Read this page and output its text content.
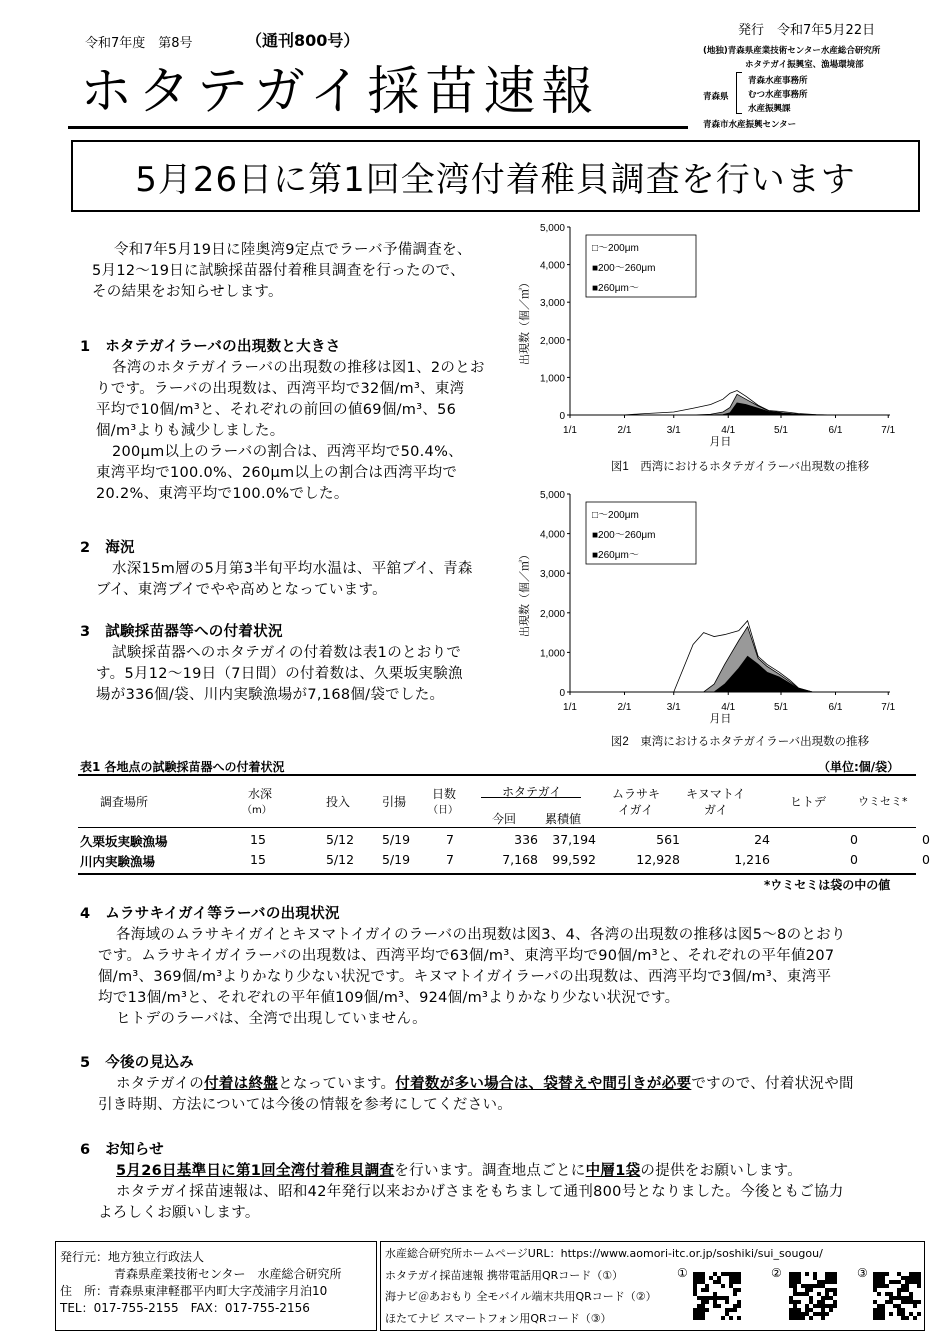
令和7年度　第8号	（通刊800号）
発行　令和7年5月22日
ホタテガイ採苗速報
(地独)青森県産業技術センター水産総合研究所
ホタテガイ振興室、漁場環境部
青森県
青森水産事務所
むつ水産事務所
水産振興課
青森市水産振興センター
5月26日に第1回全湾付着稚貝調査を行います
令和7年5月19日に陸奥湾9定点でラーバ予備調査を、
5月12〜19日に試験採苗器付着稚貝調査を行ったので、
その結果をお知らせします。
1　ホタテガイラーバの出現数と大きさ
各湾のホタテガイラーバの出現数の推移は図1、2のとお
りです。ラーバの出現数は、西湾平均で32個/m³、東湾
平均で10個/m³と、それぞれの前回の値69個/m³、56
個/m³よりも減少しました。
200μm以上のラーバの割合は、西湾平均で50.4%、
東湾平均で100.0%、260μm以上の割合は西湾平均で
20.2%、東湾平均で100.0%でした。
2　海況
水深15m層の5月第3半旬平均水温は、平舘ブイ、青森
ブイ、東湾ブイでやや高めとなっています。
3　試験採苗器等への付着状況
試験採苗器へのホタテガイの付着数は表1のとおりで
す。5月12〜19日（7日間）の付着数は、久栗坂実験漁
場が336個/袋、川内実験漁場が7,168個/袋でした。
5,000
4,000
3,000
2,000
1,000
0
1/1	2/1	3/1	4/1	5/1	6/1	7/1
月日
出現数（個／㎥）
□〜200μm
■200〜260μm
■260μm〜
図1　西湾におけるホタテガイラーバ出現数の推移
5,000
4,000
3,000
2,000
1,000
0
1/1	2/1	3/1	4/1	5/1	6/1	7/1
月日
出現数（個／㎥）
□〜200μm
■200〜260μm
■260μm〜
図2　東湾におけるホタテガイラーバ出現数の推移
表1 各地点の試験採苗器への付着状況	（単位:個/袋）
調査場所
水深
（m）
投入	引揚
日数
（日）
ホタテガイ
今回 累積値
ムラサキ
イガイ
キヌマトイ
ガイ
ヒトデ	ウミセミ*
久栗坂実験漁場	15	5/12	5/19	7	336 37,194	561	24	0	0
川内実験漁場	15	5/12	5/19	7	7,168 99,592	12,928	1,216	0	0
*ウミセミは袋の中の値
4　ムラサキイガイ等ラーバの出現状況
各海域のムラサキイガイとキヌマトイガイのラーバの出現数は図3、4、各湾の出現数の推移は図5〜8のとおり
です。ムラサキイガイラーバの出現数は、西湾平均で63個/m³、東湾平均で90個/m³と、それぞれの平年値207
個/m³、369個/m³よりかなり少ない状況です。キヌマトイガイラーバの出現数は、西湾平均で3個/m³、東湾平
均で13個/m³と、それぞれの平年値109個/m³、924個/m³よりかなり少ない状況です。
ヒトデのラーバは、全湾で出現していません。
5　今後の見込み
ホタテガイの付着は終盤となっています。付着数が多い場合は、袋替えや間引きが必要ですので、付着状況や間
引き時期、方法については今後の情報を参考にしてください。
6　お知らせ
5月26日基準日に第1回全湾付着稚貝調査を行います。調査地点ごとに中層1袋の提供をお願いします。
ホタテガイ採苗速報は、昭和42年発行以来おかげさまをもちまして通刊800号となりました。今後ともご協力
よろしくお願いします。
発行元：地方独立行政法人
青森県産業技術センター　水産総合研究所
住　所：青森県東津軽郡平内町大字茂浦字月泊10
TEL：017-755-2155　FAX：017-755-2156
水産総合研究所ホームページURL：https://www.aomori-itc.or.jp/soshiki/sui_sougou/
ホタテガイ採苗速報 携帯電話用QRコード（①）
海ナビ＠あおもり 全モバイル端末共用QRコード（②）
ほたてナビ スマートフォン用QRコード（③）
①	②	③
